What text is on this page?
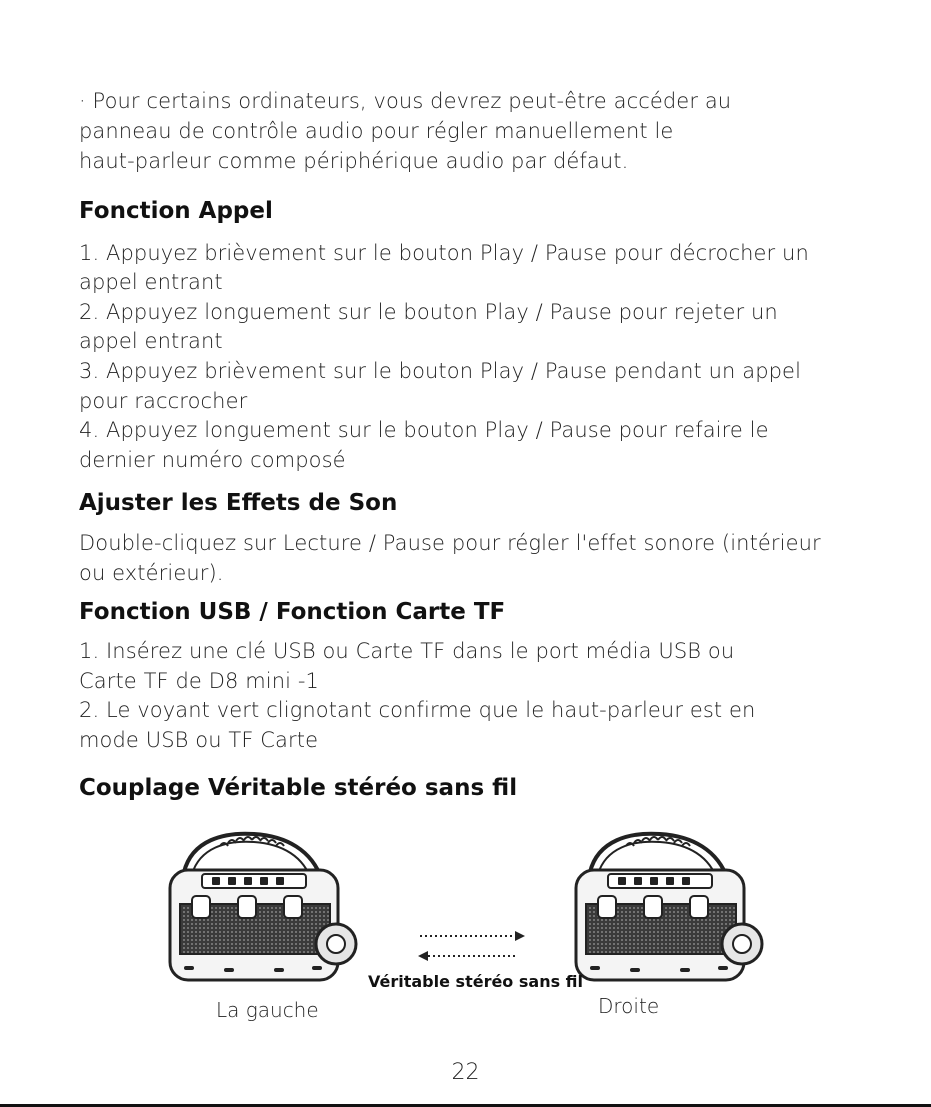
· Pour certains ordinateurs, vous devrez peut-être accéder au

panneau de contrôle audio pour régler manuellement le

haut-parleur comme périphérique audio par défaut.

Fonction Appel

1. Appuyez brièvement sur le bouton Play / Pause pour décrocher un

appel entrant

2. Appuyez longuement sur le bouton Play / Pause pour rejeter un

appel entrant

3. Appuyez brièvement sur le bouton Play / Pause pendant un appel

pour raccrocher

4. Appuyez longuement sur le bouton Play / Pause pour refaire le

dernier numéro composé

Ajuster les Effets de Son

Double-cliquez sur Lecture / Pause pour régler l'effet sonore (intérieur

ou extérieur).

Fonction USB / Fonction Carte TF

1. Insérez une clé USB ou Carte TF dans le port média USB ou

Carte TF de D8 mini -1

2. Le voyant vert clignotant confirme que le haut-parleur est en

mode USB ou TF Carte

Couplage Véritable stéréo sans fil
Véritable stéréo sans fil
La gauche	Droite
22
